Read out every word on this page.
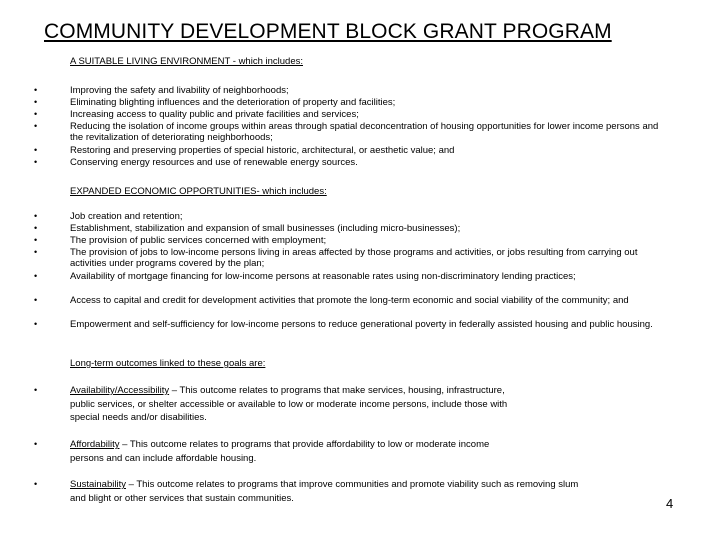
COMMUNITY DEVELOPMENT BLOCK GRANT PROGRAM
A SUITABLE LIVING ENVIRONMENT - which includes:
•	Improving the safety and livability of neighborhoods;
•	Eliminating blighting influences and the deterioration of property and facilities;
•	Increasing access to quality public and private facilities and services;
•	Reducing the isolation of income groups within areas through spatial deconcentration of housing opportunities for lower income persons and the revitalization of deteriorating neighborhoods;
•	Restoring and preserving properties of special historic, architectural, or aesthetic value; and
•	Conserving energy resources and use of renewable energy sources.
EXPANDED ECONOMIC OPPORTUNITIES- which includes:
•	Job creation and retention;
•	Establishment, stabilization and expansion of small businesses (including micro-businesses);
•	The provision of public services concerned with employment;
•	The provision of jobs to low-income persons living in areas affected by those programs and activities, or jobs resulting from carrying out activities under programs covered by the plan;
•	Availability of mortgage financing for low-income persons at reasonable rates using non-discriminatory lending practices;
•	Access to capital and credit for development activities that promote the long-term economic and social viability of the community; and
•	Empowerment and self-sufficiency for low-income persons to reduce generational poverty in federally assisted housing and public housing.
Long-term outcomes linked to these goals are:
•	Availability/Accessibility – This outcome relates to programs that make services, housing, infrastructure, public services, or shelter accessible or available to low or moderate income persons, include those with special needs and/or disabilities.
•	Affordability – This outcome relates to programs that provide affordability to low or moderate income persons and can include affordable housing.
•	Sustainability – This outcome relates to programs that improve communities and promote viability such as removing slum and blight or other services that sustain communities.	4
